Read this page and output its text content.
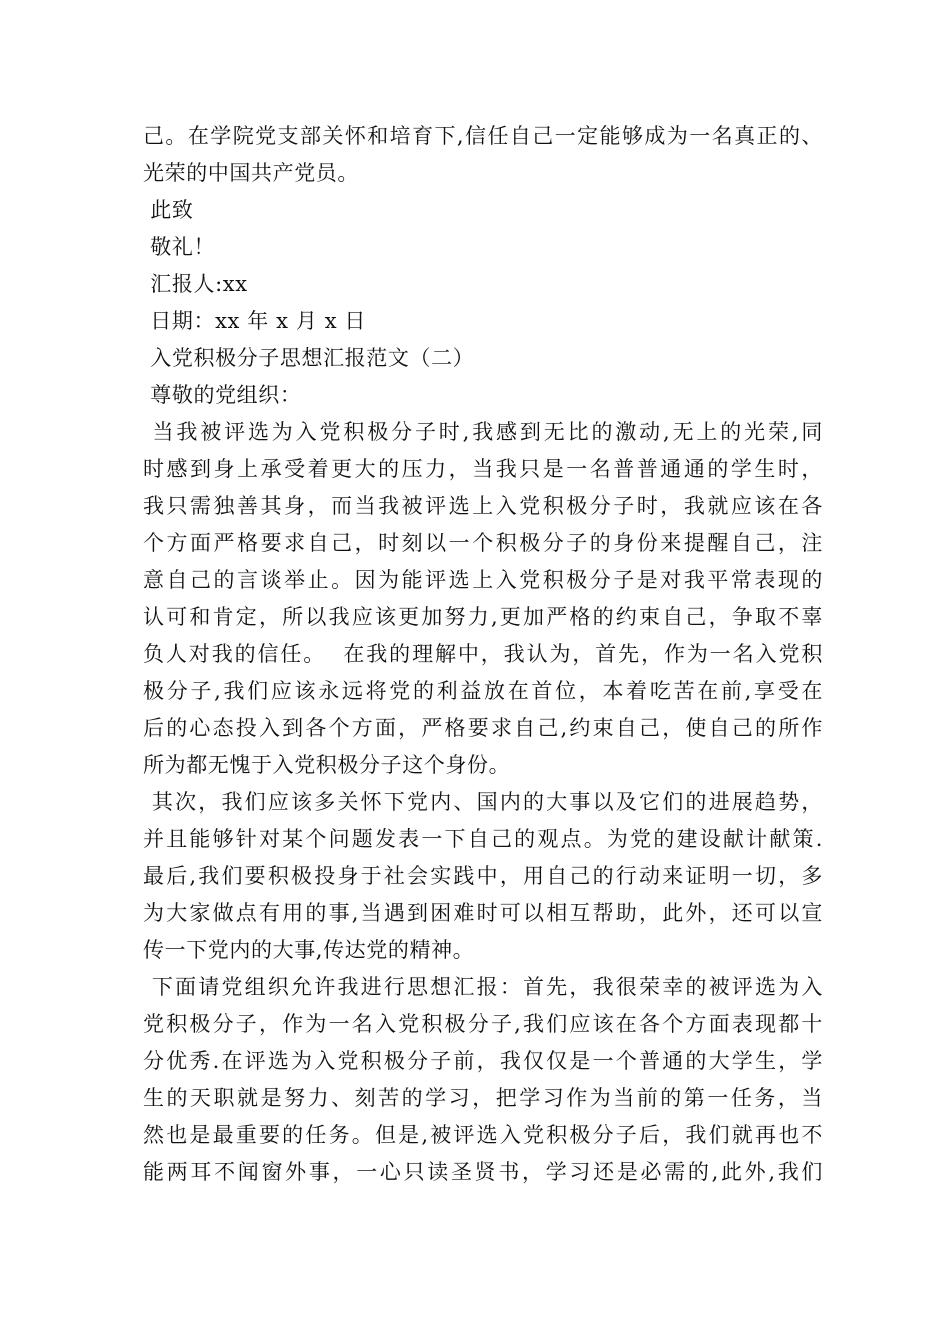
己。在学院党支部关怀和培育下,信任自己一定能够成为一名真正的、
光荣的中国共产党员。
此致
敬礼！
汇报人:xx
日期：xx 年 x 月 x 日
入党积极分子思想汇报范文（二）
尊敬的党组织：
当我被评选为入党积极分子时,我感到无比的激动,无上的光荣,同
时感到身上承受着更大的压力，当我只是一名普普通通的学生时，
我只需独善其身，而当我被评选上入党积极分子时，我就应该在各
个方面严格要求自己，时刻以一个积极分子的身份来提醒自己，注
意自己的言谈举止。因为能评选上入党积极分子是对我平常表现的
认可和肯定，所以我应该更加努力,更加严格的约束自己，争取不辜
负人对我的信任。  在我的理解中，我认为，首先，作为一名入党积
极分子,我们应该永远将党的利益放在首位，本着吃苦在前,享受在
后的心态投入到各个方面，严格要求自己,约束自己，使自己的所作
所为都无愧于入党积极分子这个身份。
其次，我们应该多关怀下党内、国内的大事以及它们的进展趋势，
并且能够针对某个问题发表一下自己的观点。为党的建设献计献策.
最后,我们要积极投身于社会实践中，用自己的行动来证明一切，多
为大家做点有用的事,当遇到困难时可以相互帮助，此外，还可以宣
传一下党内的大事,传达党的精神。
下面请党组织允许我进行思想汇报：首先，我很荣幸的被评选为入
党积极分子，作为一名入党积极分子,我们应该在各个方面表现都十
分优秀.在评选为入党积极分子前，我仅仅是一个普通的大学生，学
生的天职就是努力、刻苦的学习，把学习作为当前的第一任务，当
然也是最重要的任务。但是,被评选入党积极分子后，我们就再也不
能两耳不闻窗外事，一心只读圣贤书，学习还是必需的,此外,我们
